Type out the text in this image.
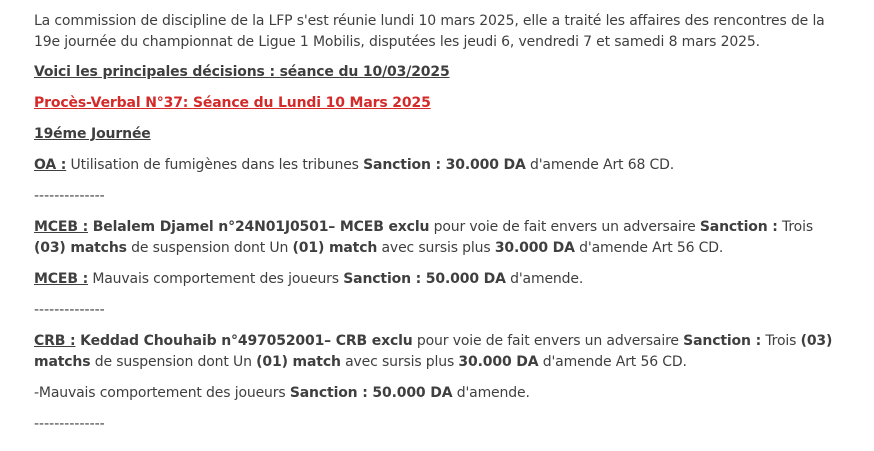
La commission de discipline de la LFP s'est réunie lundi 10 mars 2025, elle a traité les affaires des rencontres de la 19e journée du championnat de Ligue 1 Mobilis, disputées les jeudi 6, vendredi 7 et samedi 8 mars 2025.

Voici les principales décisions : séance du 10/03/2025

Procès-Verbal N°37: Séance du Lundi 10 Mars 2025

19éme Journée

OA : Utilisation de fumigènes dans les tribunes Sanction : 30.000 DA d'amende Art 68 CD.

--------------

MCEB : Belalem Djamel n°24N01J0501– MCEB exclu pour voie de fait envers un adversaire Sanction : Trois (03) matchs de suspension dont Un (01) match avec sursis plus 30.000 DA d'amende Art 56 CD.

MCEB : Mauvais comportement des joueurs Sanction : 50.000 DA d'amende.

--------------

CRB : Keddad Chouhaib n°497052001– CRB exclu pour voie de fait envers un adversaire Sanction : Trois (03) matchs de suspension dont Un (01) match avec sursis plus 30.000 DA d'amende Art 56 CD.

-Mauvais comportement des joueurs Sanction : 50.000 DA d'amende.

--------------
